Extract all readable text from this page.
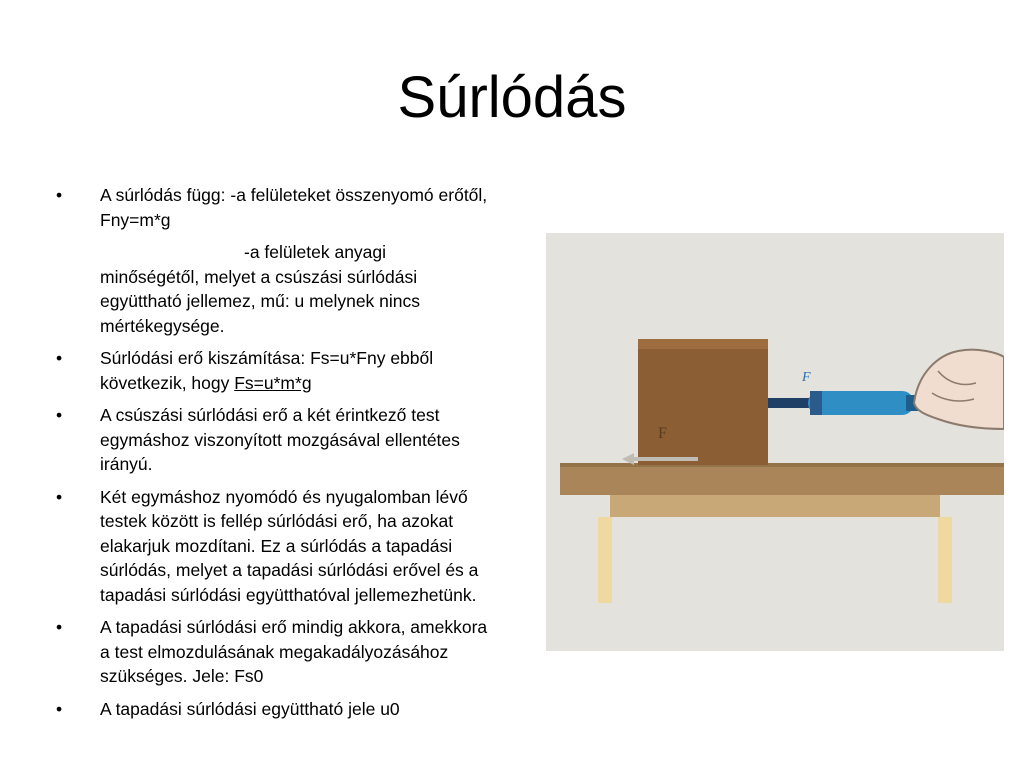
Súrlódás
• A súrlódás függ: -a felületeket összenyomó erőtől, Fny=m*g
-a felületek anyagi
minőségétől, melyet a csúszási súrlódási együttható jellemez, mű: u melynek nincs mértékegysége.
• Súrlódási erő kiszámítása: Fs=u*Fny ebből következik, hogy Fs=u*m*g
• A csúszási súrlódási erő a két érintkező test egymáshoz viszonyított mozgásával ellentétes irányú.
• Két egymáshoz nyomódó és nyugalomban lévő testek között is fellép súrlódási erő, ha azokat elakarjuk mozdítani. Ez a súrlódás a tapadási súrlódás, melyet a tapadási súrlódási erővel és a tapadási súrlódási együtthatóval jellemezhetünk.
• A tapadási súrlódási erő mindig akkora, amekkora a test elmozdulásának megakadályozásához szükséges. Jele: Fs0
• A tapadási súrlódási együttható jele u0
F
F
